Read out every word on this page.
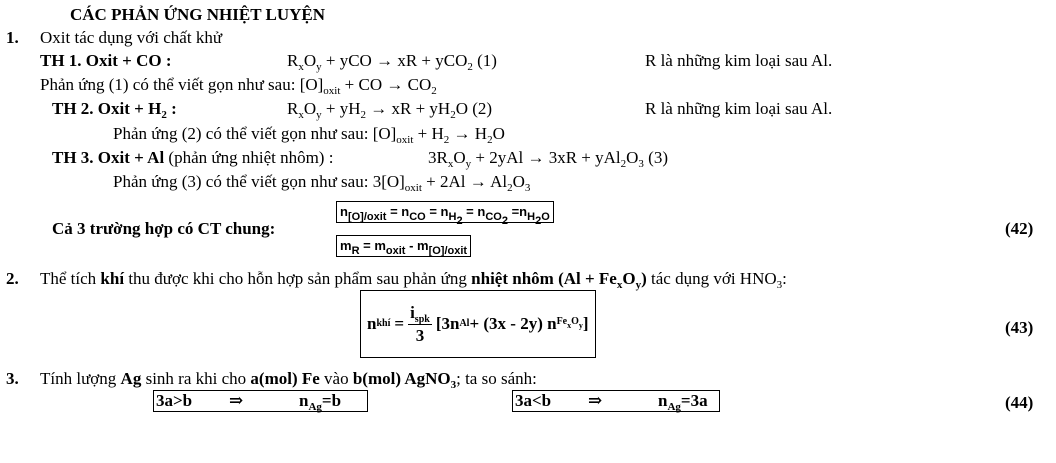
CÁC PHẢN ỨNG NHIỆT LUYỆN
1. Oxit tác dụng với chất khử
TH 1. Oxit + CO :	$R_xO_y$ + yCO → xR + yCO$_2$ (1)	R là những kim loại sau Al.
Phản ứng (1) có thể viết gọn như sau: $[O]_{oxit}$ + CO → $CO_2$
TH 2. Oxit + $H_2$ :	$R_xO_y + yH_2$ → xR + $yH_2O$ (2)	R là những kim loại sau Al.
Phản ứng (2) có thể viết gọn như sau: $[O]_{oxit} + H_2 \to H_2O$
TH 3. Oxit + Al (phản ứng nhiệt nhôm) :	$3R_xO_y + 2yAl \to 3xR + yAl_2O_3$ (3)
Phản ứng (3) có thể viết gọn như sau: $3[O]_{oxit} + 2Al \to Al_2O_3$
Cả 3 trường hợp có CT chung:
$n_{[O]/oxit} = n_{CO} = n_{H_2} = n_{CO_2} =n_{H_2O}$
$m_R = m_{oxit} - m_{[O]/oxit}$
(42)
2. Thể tích khí thu được khi cho hỗn hợp sản phẩm sau phản ứng nhiệt nhôm $(Al + Fe_xO_y)$ tác dụng với $HNO_3$:
n khí = $\frac{i_{spk}}{3} [3n$ Al + (3x - 2y) n $Fe_xO_y$ ]	(43)
3. Tính lượng Ag sinh ra khi cho a(mol) Fe vào b(mol) AgNO$_3$; ta so sánh:
3a>b ⇒	$n_{Ag}=b$	3a<b ⇒	$n_{Ag}=3a$	(44)
